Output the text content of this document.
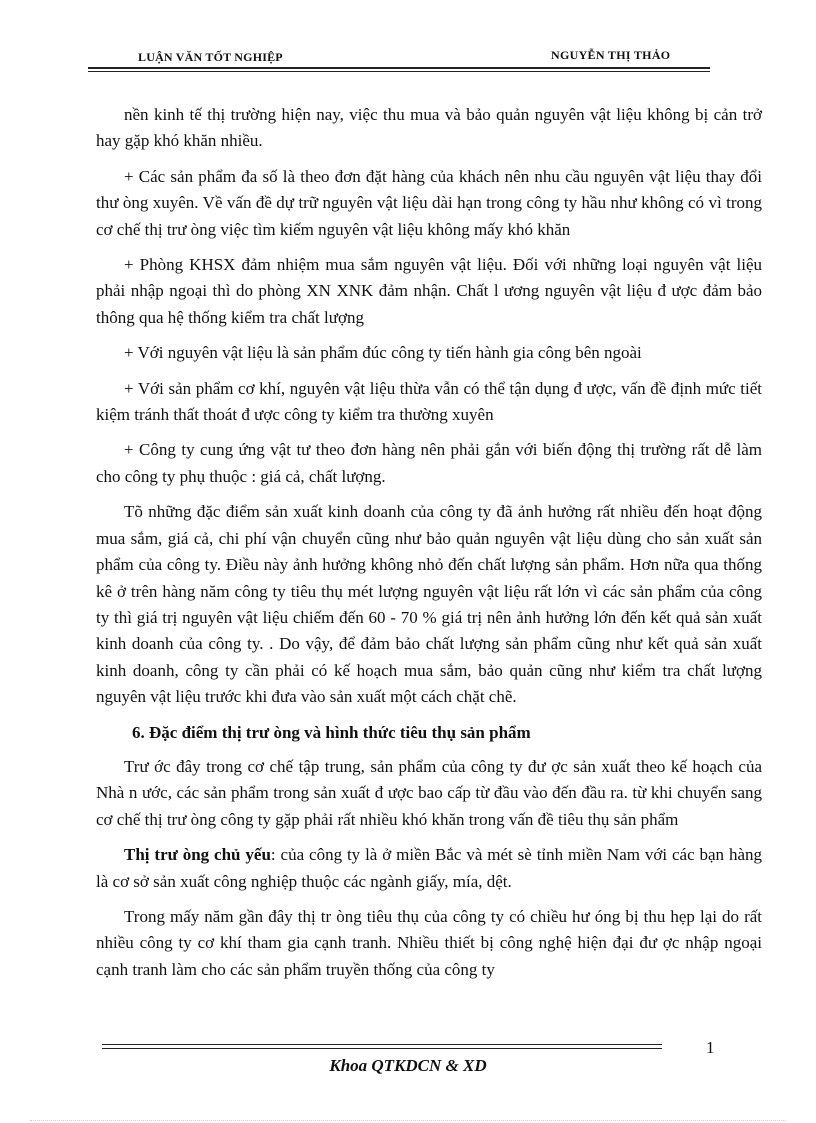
LUẬN VĂN TỐT NGHIỆP	NGUYỄN THỊ THẢO

nền kinh tế thị trường hiện nay, việc thu mua và bảo quản nguyên vật liệu không bị cản trở hay gặp khó khăn nhiều.

+ Các sản phẩm đa số là theo đơn đặt hàng của khách nên nhu cầu nguyên vật liệu thay đổi thư òng xuyên. Về vấn đề dự trữ nguyên vật liệu dài hạn trong công ty hầu như không có vì trong cơ chế thị trư òng việc tìm kiếm nguyên vật liệu không mấy khó khăn

+ Phòng KHSX đảm nhiệm mua sắm nguyên vật liệu. Đối với những loại nguyên vật liệu phải nhập ngoại thì do phòng XN XNK đảm nhận. Chất l ương nguyên vật liệu đ ược đảm bảo thông qua hệ thống kiểm tra chất lượng

+ Với nguyên vật liệu là sản phẩm đúc công ty tiến hành gia công bên ngoài

+ Với sản phẩm cơ khí, nguyên vật liệu thừa vẫn có thể tận dụng đ ược, vấn đề định mức tiết kiệm tránh thất thoát đ ược công ty kiểm tra thường xuyên

+ Công ty cung ứng vật tư theo đơn hàng nên phải gắn với biến động thị trường rất dễ làm cho công ty phụ thuộc : giá cả, chất lượng.

Tõ những đặc điểm sản xuất kinh doanh của công ty đã ảnh hưởng rất nhiều đến hoạt động mua sắm, giá cả, chi phí vận chuyển cũng như bảo quản nguyên vật liệu dùng cho sản xuất sản phẩm của công ty. Điều này ảnh hưởng không nhỏ đến chất lượng sản phẩm. Hơn nữa qua thống kê ở trên hàng năm công ty tiêu thụ mét lượng nguyên vật liệu rất lớn vì các sản phẩm của công ty thì giá trị nguyên vật liệu chiếm đến 60 - 70 % giá trị nên ảnh hưởng lớn đến kết quả sản xuất kinh doanh của công ty. . Do vậy, để đảm bảo chất lượng sản phẩm cũng như kết quả sản xuất kinh doanh, công ty cần phải có kế hoạch mua sắm, bảo quản cũng như kiểm tra chất lượng nguyên vật liệu trước khi đưa vào sản xuất một cách chặt chẽ.

6. Đặc điểm thị trư òng và hình thức tiêu thụ sản phẩm

Trư ớc đây trong cơ chế tập trung, sản phẩm của công ty đư ợc sản xuất theo kế hoạch của Nhà n ước, các sản phẩm trong sản xuất đ ược bao cấp từ đầu vào đến đầu ra. từ khi chuyển sang cơ chế thị trư òng công ty gặp phải rất nhiều khó khăn trong vấn đề tiêu thụ sản phẩm

Thị trư òng chủ yếu: của công ty là ở miền Bắc và mét sè tỉnh miền Nam với các bạn hàng là cơ sở sản xuất công nghiệp thuộc các ngành giấy, mía, dệt.

Trong mấy năm gần đây thị tr òng tiêu thụ của công ty có chiều hư óng bị thu hẹp lại do rất nhiều công ty cơ khí tham gia cạnh tranh. Nhiều thiết bị công nghệ hiện đại đư ợc nhập ngoại cạnh tranh làm cho các sản phẩm truyền thống của công ty

1
Khoa QTKDCN & XD
